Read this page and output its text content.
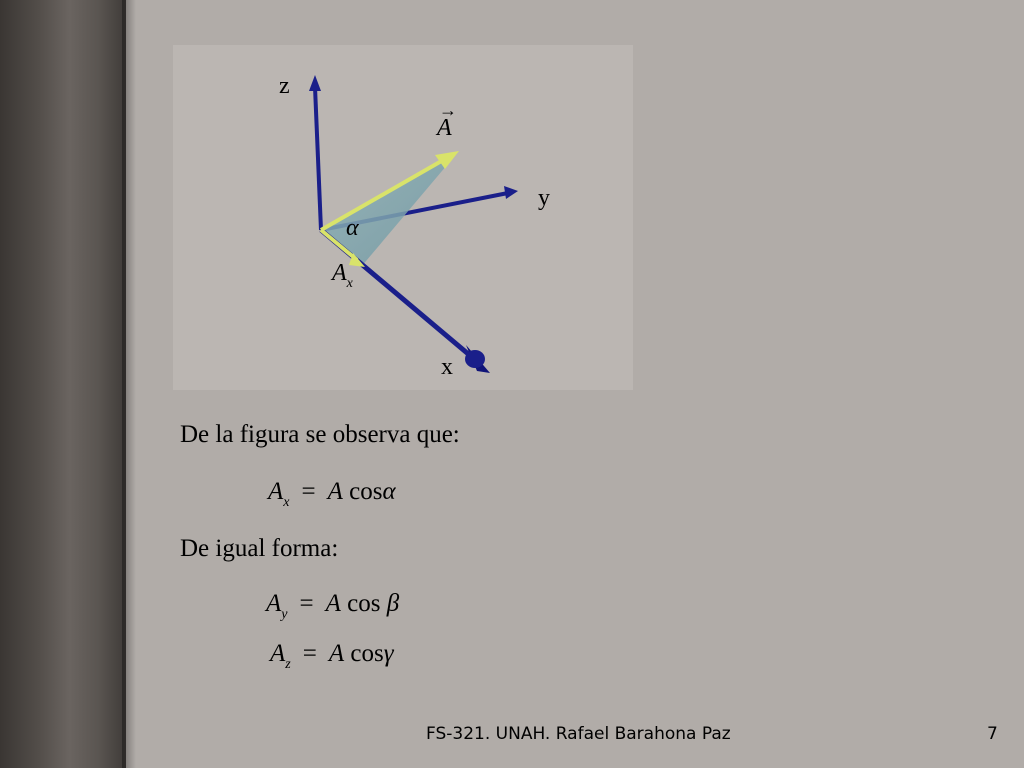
z
y
x
→
A
α
$A_x$
De la figura se observa que:
$A_x = A$ cosα
De igual forma:
$A_y = A$ cos β
$A_z = A$ cosγ
FS-321. UNAH. Rafael Barahona Paz	7
